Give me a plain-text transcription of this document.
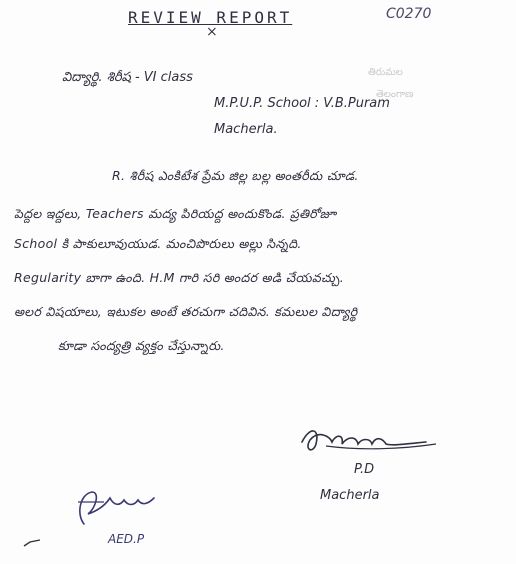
REVIEW REPORT
×
C0270
తిరుమల
తెలంగాణ
విద్యార్థి. శిరీష - VI class
M.P.U.P. School : V.B.Puram
Macherla.
R. శిరీష ఎంకిటేశ ప్రేమ జిల్ల బల్ల అంతరీదు చూడ.
పెద్దల ఇద్దలు, Teachers మద్య పిరియద్ద అందుకొండ. ప్రతిరోజూ
School కి పాకులూవుయుడ. మంచిపొరులు అల్లు సిన్నది.
Regularity బాగా ఉంది. H.M గారి సరి అందర అడి చేయవచ్చు.
అలర విషయాలు, ఇటుకల అంటే తరచుగా చదివిన. కమలుల విద్యార్థి
కూడా సంద్యత్రి వ్యక్తం చేస్తున్నారు.
P.D
Macherla
AED.P
